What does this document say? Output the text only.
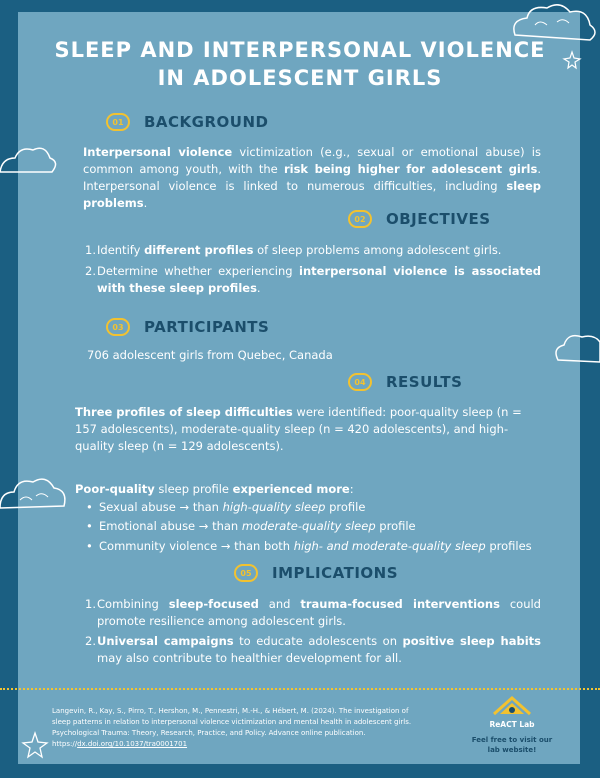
SLEEP AND INTERPERSONAL VIOLENCE
IN ADOLESCENT GIRLS
01	BACKGROUND
Interpersonal violence victimization (e.g., sexual or emotional abuse) is common among youth, with the risk being higher for adolescent girls. Interpersonal violence is linked to numerous difficulties, including sleep problems.
02	OBJECTIVES
1. Identify different profiles of sleep problems among adolescent girls.
2. Determine whether experiencing interpersonal violence is associated with these sleep profiles.
03	PARTICIPANTS
706 adolescent girls from Quebec, Canada
04	RESULTS
Three profiles of sleep difficulties were identified: poor-quality sleep (n = 157 adolescents), moderate-quality sleep (n = 420 adolescents), and high-quality sleep (n = 129 adolescents).
Poor-quality sleep profile experienced more:
• Sexual abuse → than high-quality sleep profile
• Emotional abuse → than moderate-quality sleep profile
• Community violence → than both high- and moderate-quality sleep profiles
05	IMPLICATIONS
1. Combining sleep-focused and trauma-focused interventions could promote resilience among adolescent girls.
2. Universal campaigns to educate adolescents on positive sleep habits may also contribute to healthier development for all.
Langevin, R., Kay, S., Pirro, T., Hershon, M., Pennestri, M.-H., & Hébert, M. (2024). The investigation of sleep patterns in relation to interpersonal violence victimization and mental health in adolescent girls. Psychological Trauma: Theory, Research, Practice, and Policy. Advance online publication. https://dx.doi.org/10.1037/tra0001701
ReACT Lab
Feel free to visit our lab website!
